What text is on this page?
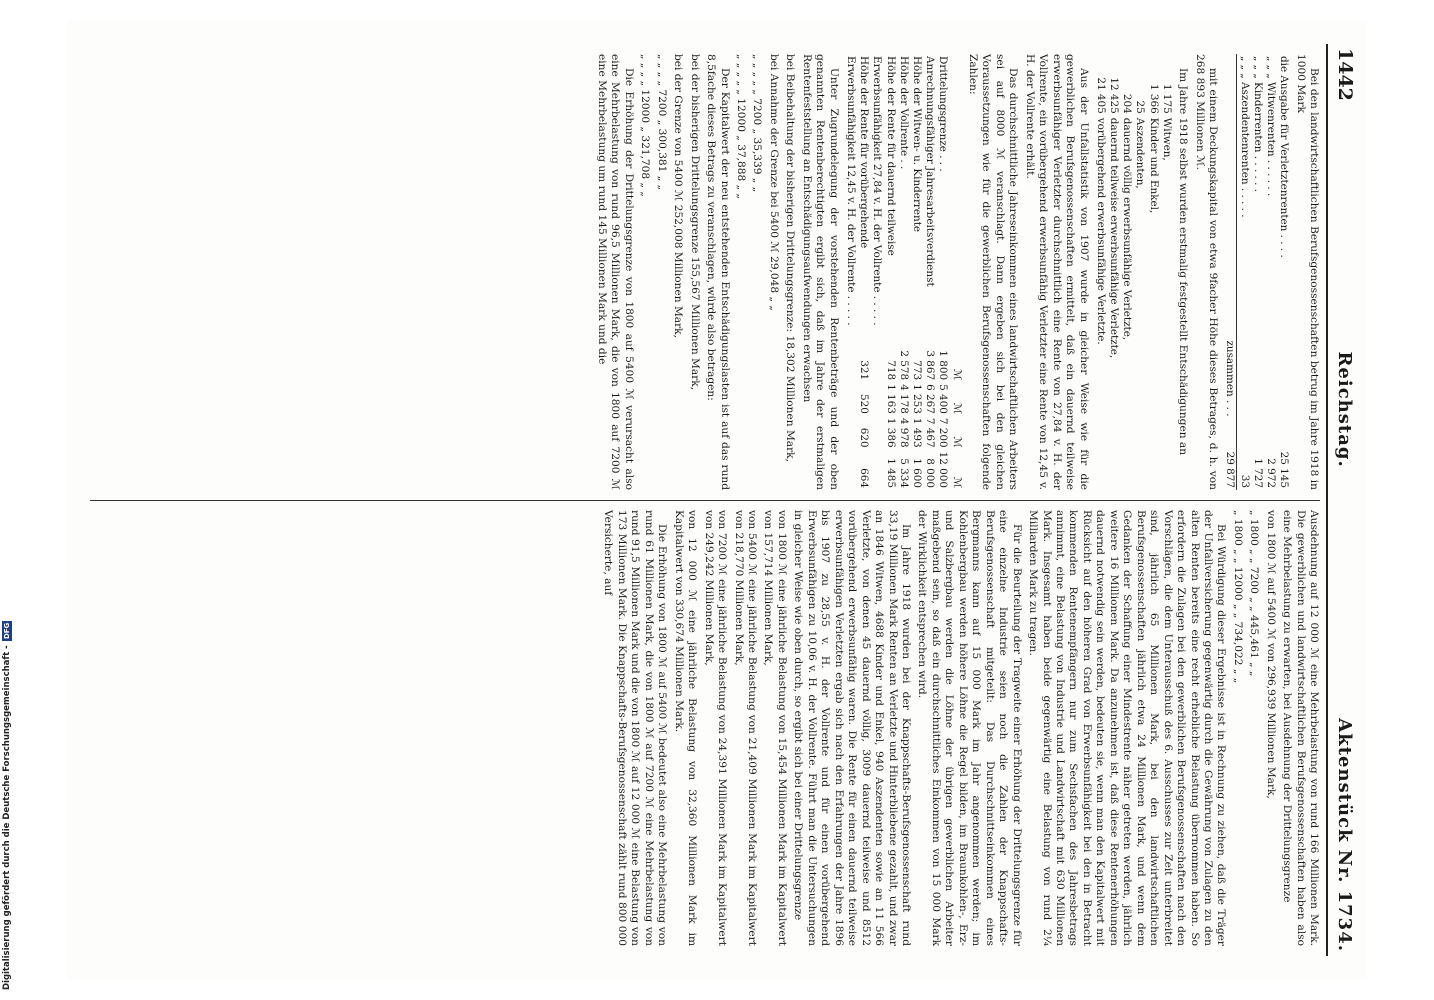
1442
Reichstag.
Aktenstück Nr. 1734.

Bei den landwirtschaftlichen Berufsgenossenschaften betrug im Jahre 1918 in 1000 Mark

die Ausgabe für Verletztenrenten . . . .	25 145
„ „ „ Witwenrenten . . . . . .	2 972
„ „ „ Kinderrenten . . . . . .	1 727
„ „ „ Aszendentenrenten . . . . .	33
zusammen . . .	29 877

mit einem Deckungskapital von etwa 9facher Höhe dieses Betrages, d. h. von 268 893 Millionen ℳ.

Im Jahre 1918 selbst wurden erstmalig festgestellt Entschädigungen an

1 175	Witwen,
1 366	Kinder und Enkel,
25	Aszendenten,
204	dauernd völlig erwerbsunfähige Verletzte,
12 425	dauernd teilweise erwerbsunfähige Verletzte,
21 405	vorübergehend erwerbsunfähige Verletzte.

Aus der Unfallstatistik von 1907 wurde in gleicher Weise wie für die gewerblichen Berufsgenossenschaften ermittelt, daß ein dauernd teilweise erwerbsunfähiger Verletzter durchschnittlich eine Rente von 27,84 v. H. der Vollrente, ein vorübergehend erwerbsunfähig Verletzter eine Rente von 12,45 v. H. der Vollrente erhält.

Das durchschnittliche Jahreseinkommen eines landwirtschaftlichen Arbeiters sei auf 8000 ℳ veranschlagt. Dann ergeben sich bei den gleichen Voraussetzungen wie für die gewerblichen Berufsgenossenschaften folgende Zahlen:

	ℳ	ℳ	ℳ	ℳ
Drittelungsgrenze . . .	1 800	5 400	7 200	12 000
Anrechnungsfähiger Jahresarbeitsverdienst	3 867	6 267	7 467	8 000
Höhe der Witwen- u. Kinderrente	773	1 253	1 493	1 600
Höhe der Vollrente . .	2 578	4 178	4 978	5 334
Höhe der Rente für dauernd teilweise Erwerbsunfähigkeit 27,84 v. H. der Vollrente . . . . .	718	1 163	1 386	1 485
Höhe der Rente für vorübergehende Erwerbsunfähigkeit 12,45 v. H. der Vollrente . . . . .	321	520	620	664

Unter Zugrundelegung der vorstehenden Rentenbeträge und der oben genannten Rentenberechtigten ergibt sich, daß im Jahre der erstmaligen Rentenfeststellung an Entschädigungsaufwendungen erwachsen

bei Beibehaltung der bisherigen Drittelungsgrenze: 18,302 Millionen Mark,

bei Annahme der Grenze bei 5400 ℳ 29,048 „ „

„ „ „ „ „ 7200 „ 35,339 „ „

„ „ „ „ „ 12000 „ 37,888 „ „

Der Kapitalwert der neu entstehenden Entschädigungslasten ist auf das rund 8,5fache dieses Betrags zu veranschlagen, würde also betragen:

bei der bisherigen Drittelungsgrenze 155,567 Millionen Mark,

bei der Grenze von 5400 ℳ 252,008 Millionen Mark,

„ „ „ „ 7200 „ 300,381 „ „

„ „ „ „ 12000 „ 321,708 „ „

Die Erhöhung der Drittelungsgrenze von 1800 auf 5400 ℳ verursacht also eine Mehrbelastung von rund 96,5 Millionen Mark, die von 1800 auf 7200 ℳ eine Mehrbelastung um rund 145 Millionen Mark und die

Ausdehnung auf 12 000 ℳ eine Mehrbelastung von rund 166 Millionen Mark. Die gewerblichen und landwirtschaftlichen Berufsgenossenschaften haben also eine Mehrbelastung zu erwarten, bei Ausdehnung der Drittelungsgrenze

von 1800 ℳ auf 5400 ℳ von 296,939 Millionen Mark,

„ 1800 „ „ 7200 „ „ 445,461 „ „

„ 1800 „ „ 12000 „ „ 734,022 „ „

Bei Würdigung dieser Ergebnisse ist in Rechnung zu ziehen, daß die Träger der Unfallversicherung gegenwärtig durch die Gewährung von Zulagen zu den alten Renten bereits eine recht erhebliche Belastung übernommen haben. So erfordern die Zulagen bei den gewerblichen Berufsgenossenschaften nach den Vorschlägen, die dem Unterausschuß des 6. Ausschusses zur Zeit unterbreitet sind, jährlich 65 Millionen Mark, bei den landwirtschaftlichen Berufsgenossenschaften jährlich etwa 24 Millionen Mark, und wenn dem Gedanken der Schaffung einer Mindestrente näher getreten werden, jährlich weitere 16 Millionen Mark. Da anzunehmen ist, daß diese Rentenerhöhungen dauernd notwendig sein werden, bedeuten sie, wenn man den Kapitalwert mit Rücksicht auf den höheren Grad von Erwerbsunfähigkeit bei den in Betracht kommenden Rentenempfängern nur zum Sechsfachen des Jahresbetrags annimmt, eine Belastung von Industrie und Landwirtschaft mit 630 Millionen Mark. Insgesamt haben beide gegenwärtig eine Belastung von rund 2¼ Milliarden Mark zu tragen.

Für die Beurteilung der Tragweite einer Erhöhung der Drittelungsgrenze für eine einzelne Industrie seien noch die Zahlen der Knappschafts-Berufsgenossenschaft mitgeteilt: Das Durchschnittseinkommen eines Bergmanns kann auf 15 000 Mark im Jahr angenommen werden; im Kohlenbergbau werden höhere Löhne die Regel bilden, im Braunkohlen-, Erz- und Salzbergbau werden die Löhne der übrigen gewerblichen Arbeiter maßgebend sein, so daß ein durchschnittliches Einkommen von 15 000 Mark der Wirklichkeit entsprechen wird.

Im Jahre 1918 wurden bei der Knappschafts-Berufsgenossenschaft rund 33,19 Millionen Mark Renten an Verletzte und Hinterbliebene gezahlt, und zwar an 1846 Witwen, 4688 Kinder und Enkel, 940 Aszendenten sowie an 11 566 Verletzte, von denen 45 dauernd völlig, 3009 dauernd teilweise und 8512 vorübergehend erwerbsunfähig waren. Die Rente für einen dauernd teilweise erwerbsunfähigen Verletzten ergab sich nach den Erfahrungen der Jahre 1896 bis 1907 zu 28,55 v. H. der Vollrente und für einen vorübergehend Erwerbsunfähigen zu 10,06 v. H. der Vollrente. Führt man die Untersuchungen in gleicher Weise wie oben durch, so ergibt sich bei einer Drittelungsgrenze

von 1800 ℳ eine jährliche Belastung von 15,454 Millionen Mark im Kapitalwert von 157,714 Millionen Mark,

von 5400 ℳ eine jährliche Belastung von 21,409 Millionen Mark im Kapitalwert von 218,770 Millionen Mark,

von 7200 ℳ eine jährliche Belastung von 24,391 Millionen Mark im Kapitalwert von 249,242 Millionen Mark,

von 12 000 ℳ eine jährliche Belastung von 32,360 Millionen Mark im Kapitalwert von 330,674 Millionen Mark.

Die Erhöhung von 1800 ℳ auf 5400 ℳ bedeutet also eine Mehrbelastung von rund 61 Millionen Mark, die von 1800 ℳ auf 7200 ℳ eine Mehrbelastung von rund 91,5 Millionen Mark und die von 1800 ℳ auf 12 000 ℳ eine Belastung von 173 Millionen Mark. Die Knappschafts-Berufsgenossenschaft zählt rund 800 000 Versicherte, auf

Digitalisierung gefördert durch die Deutsche Forschungsgemeinschaft -
DFG
